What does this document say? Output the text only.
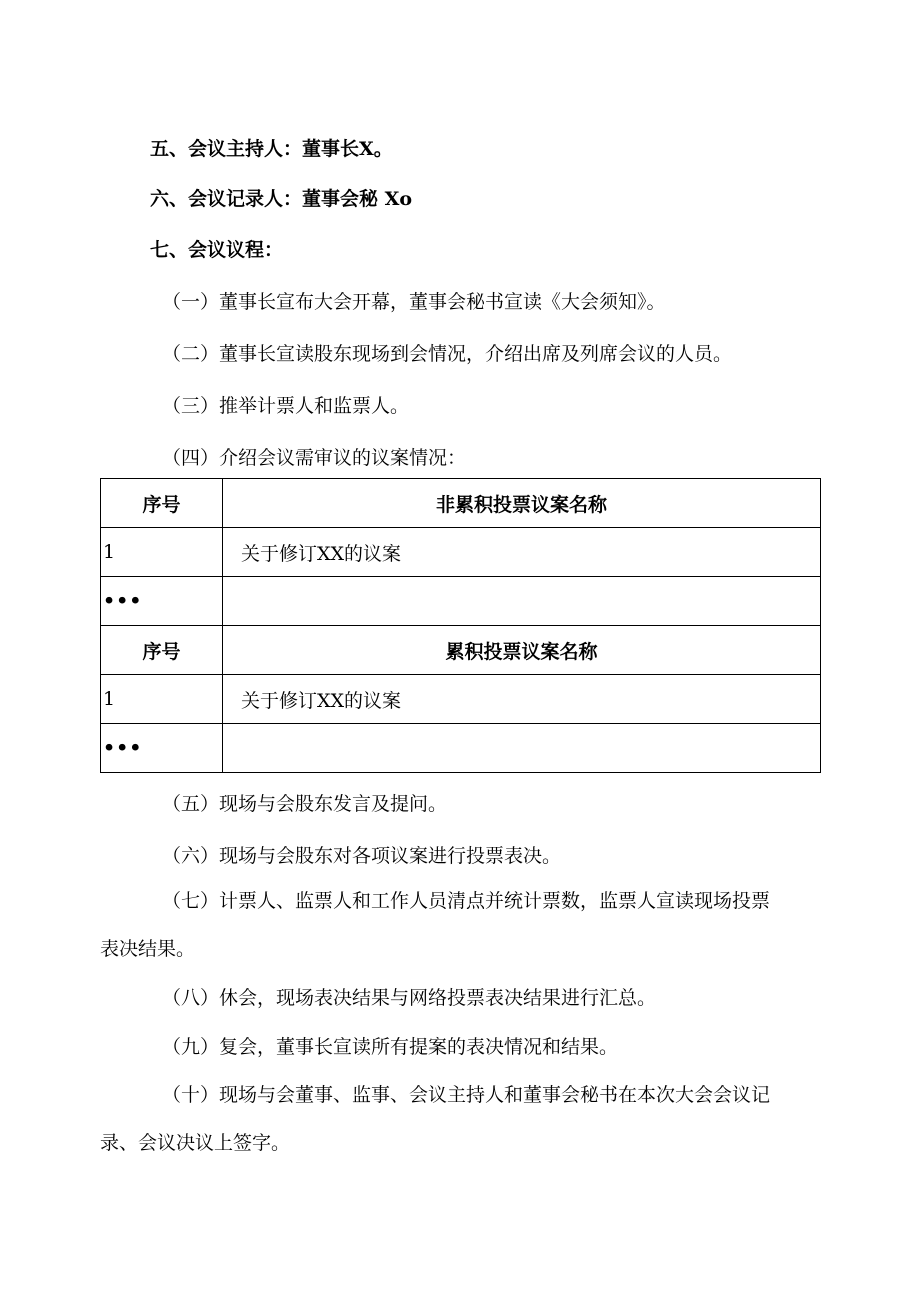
五、会议主持人：董事长X。
六、会议记录人：董事会秘 Xo
七、会议议程：
（一）董事长宣布大会开幕，董事会秘书宣读《大会须知》。
（二）董事长宣读股东现场到会情况，介绍出席及列席会议的人员。
（三）推举计票人和监票人。
（四）介绍会议需审议的议案情况：
序号	非累积投票议案名称
1	关于修订XX的议案
•••	
序号	累积投票议案名称
1	关于修订XX的议案
•••	
（五）现场与会股东发言及提问。
（六）现场与会股东对各项议案进行投票表决。
（七）计票人、监票人和工作人员清点并统计票数，监票人宣读现场投票
表决结果。
（八）休会，现场表决结果与网络投票表决结果进行汇总。
（九）复会，董事长宣读所有提案的表决情况和结果。
（十）现场与会董事、监事、会议主持人和董事会秘书在本次大会会议记
录、会议决议上签字。
